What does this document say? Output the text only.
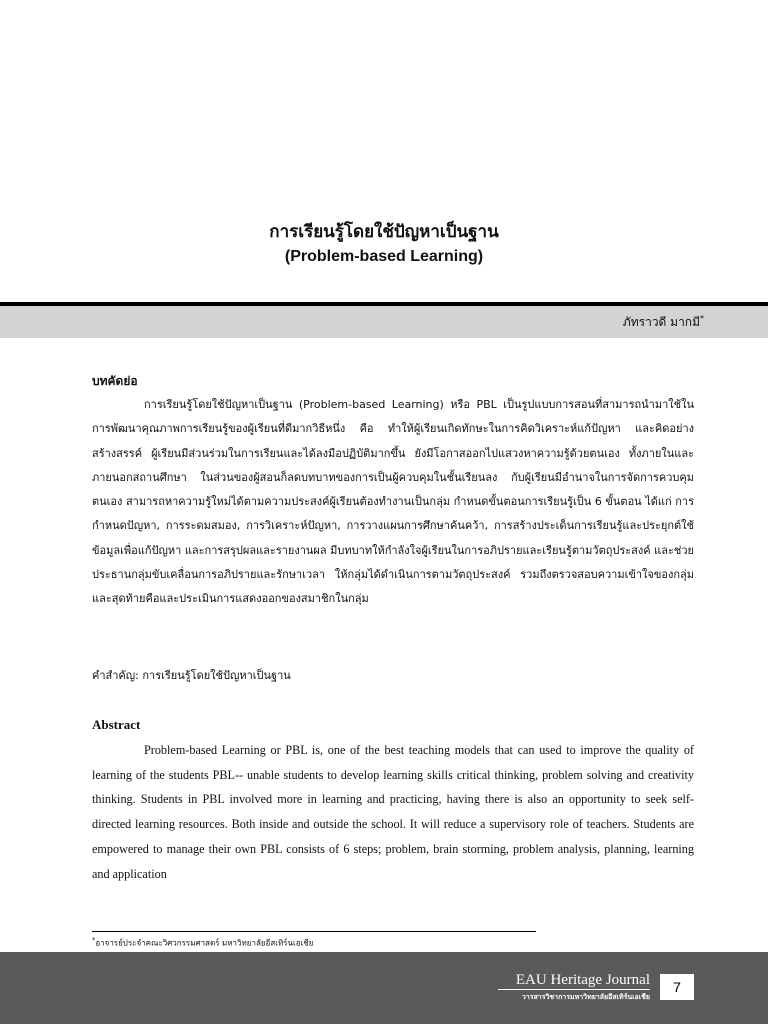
การเรียนรู้โดยใช้ปัญหาเป็นฐาน
(Problem-based Learning)
ภัทราวดี มากมี*
บทคัดย่อ

การเรียนรู้โดยใช้ปัญหาเป็นฐาน (Problem-based Learning) หรือ PBL เป็นรูปแบบการสอนที่สามารถนำมาใช้ในการพัฒนาคุณภาพการเรียนรู้ของผู้เรียนที่ดีมากวิธีหนึ่ง คือ ทำให้ผู้เรียนเกิดทักษะในการคิดวิเคราะห์แก้ปัญหา และคิดอย่างสร้างสรรค์ ผู้เรียนมีส่วนร่วมในการเรียนและได้ลงมือปฏิบัติมากขึ้น ยังมีโอกาสออกไปแสวงหาความรู้ด้วยตนเอง ทั้งภายในและภายนอกสถานศึกษา ในส่วนของผู้สอนก็ลดบทบาทของการเป็นผู้ควบคุมในชั้นเรียนลง กับผู้เรียนมีอำนาจในการจัดการควบคุมตนเอง สามารถหาความรู้ใหม่ได้ตามความประสงค์ผู้เรียนต้องทำงานเป็นกลุ่ม กำหนดขั้นตอนการเรียนรู้เป็น 6 ขั้นตอน ได้แก่ การกำหนดปัญหา, การระดมสมอง, การวิเคราะห์ปัญหา, การวางแผนการศึกษาค้นคว้า, การสร้างประเด็นการเรียนรู้และประยุกต์ใช้ข้อมูลเพื่อแก้ปัญหา และการสรุปผลและรายงานผล มีบทบาทให้กำลังใจผู้เรียนในการอภิปรายและเรียนรู้ตามวัตถุประสงค์ และช่วยประธานกลุ่มขับเคลื่อนการอภิปรายและรักษาเวลา ให้กลุ่มได้ดำเนินการตามวัตถุประสงค์ รวมถึงตรวจสอบความเข้าใจของกลุ่มและสุดท้ายคือและประเมินการแสดงออกของสมาชิกในกลุ่ม

คำสำคัญ: การเรียนรู้โดยใช้ปัญหาเป็นฐาน
Abstract

Problem-based Learning or PBL is, one of the best teaching models that can used to improve the quality of learning of the students PBL-- unable students to develop learning skills critical thinking, problem solving and creativity thinking. Students in PBL involved more in learning and practicing, having there is also an opportunity to seek self-directed learning resources. Both inside and outside the school. It will reduce a supervisory role of teachers. Students are empowered to manage their own PBL consists of 6 steps; problem, brain storming, problem analysis, planning, learning and application

*อาจารย์ประจำคณะวิศวกรรมศาสตร์ มหาวิทยาลัยอีสเทิร์นเอเชีย
EAU Heritage Journal
วารสารวิชาการมหาวิทยาลัยอีสเทิร์นเอเชีย
7
